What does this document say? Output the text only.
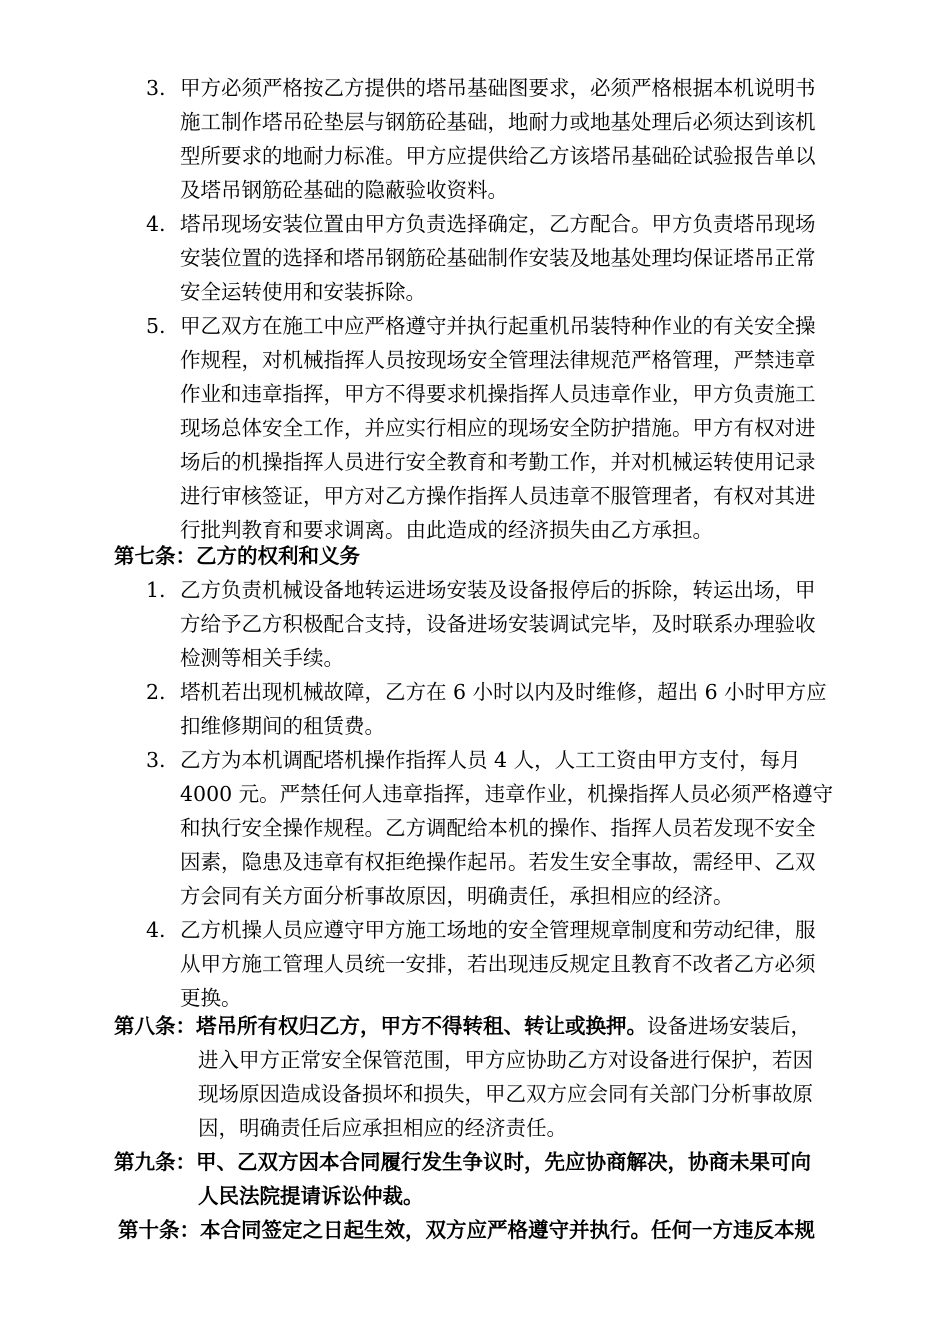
3. 甲方必须严格按乙方提供的塔吊基础图要求，必须严格根据本机说明书
施工制作塔吊砼垫层与钢筋砼基础，地耐力或地基处理后必须达到该机
型所要求的地耐力标准。甲方应提供给乙方该塔吊基础砼试验报告单以
及塔吊钢筋砼基础的隐蔽验收资料。
4. 塔吊现场安装位置由甲方负责选择确定，乙方配合。甲方负责塔吊现场
安装位置的选择和塔吊钢筋砼基础制作安装及地基处理均保证塔吊正常
安全运转使用和安装拆除。
5. 甲乙双方在施工中应严格遵守并执行起重机吊装特种作业的有关安全操
作规程，对机械指挥人员按现场安全管理法律规范严格管理，严禁违章
作业和违章指挥，甲方不得要求机操指挥人员违章作业，甲方负责施工
现场总体安全工作，并应实行相应的现场安全防护措施。甲方有权对进
场后的机操指挥人员进行安全教育和考勤工作，并对机械运转使用记录
进行审核签证，甲方对乙方操作指挥人员违章不服管理者，有权对其进
行批判教育和要求调离。由此造成的经济损失由乙方承担。
第七条：乙方的权利和义务
1. 乙方负责机械设备地转运进场安装及设备报停后的拆除，转运出场，甲
方给予乙方积极配合支持，设备进场安装调试完毕，及时联系办理验收
检测等相关手续。
2. 塔机若出现机械故障，乙方在 6 小时以内及时维修，超出 6 小时甲方应
扣维修期间的租赁费。
3. 乙方为本机调配塔机操作指挥人员 4 人，人工工资由甲方支付，每月
4000 元。严禁任何人违章指挥，违章作业，机操指挥人员必须严格遵守
和执行安全操作规程。乙方调配给本机的操作、指挥人员若发现不安全
因素，隐患及违章有权拒绝操作起吊。若发生安全事故，需经甲、乙双
方会同有关方面分析事故原因，明确责任，承担相应的经济。
4. 乙方机操人员应遵守甲方施工场地的安全管理规章制度和劳动纪律，服
从甲方施工管理人员统一安排，若出现违反规定且教育不改者乙方必须
更换。
第八条：塔吊所有权归乙方，甲方不得转租、转让或换押。设备进场安装后，
进入甲方正常安全保管范围，甲方应协助乙方对设备进行保护，若因
现场原因造成设备损坏和损失，甲乙双方应会同有关部门分析事故原
因，明确责任后应承担相应的经济责任。
第九条：甲、乙双方因本合同履行发生争议时，先应协商解决，协商未果可向
人民法院提请诉讼仲裁。
第十条：本合同签定之日起生效，双方应严格遵守并执行。任何一方违反本规
